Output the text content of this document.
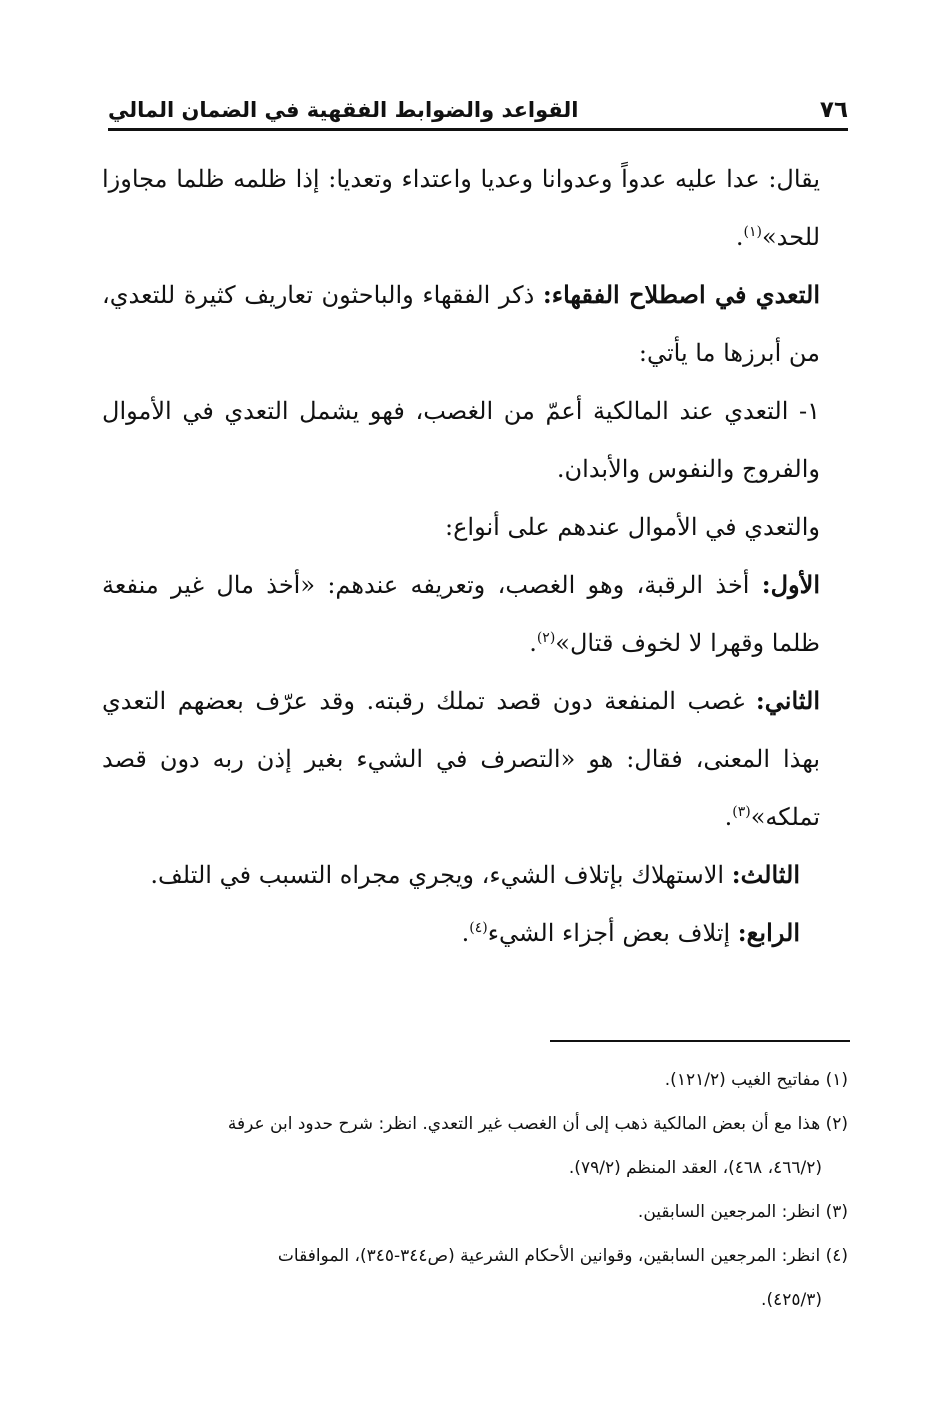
٧٦
القواعد والضوابط الفقهية في الضمان المالي

يقال: عدا عليه عدواً وعدوانا وعديا واعتداء وتعديا: إذا ظلمه ظلما مجاوزا للحد»$^{(١)}$.

التعدي في اصطلاح الفقهاء: ذكر الفقهاء والباحثون تعاريف كثيرة للتعدي، من أبرزها ما يأتي:

١- التعدي عند المالكية أعمّ من الغصب، فهو يشمل التعدي في الأموال والفروج والنفوس والأبدان.

والتعدي في الأموال عندهم على أنواع:

الأول: أخذ الرقبة، وهو الغصب، وتعريفه عندهم: «أخذ مال غير منفعة ظلما وقهرا لا لخوف قتال»$^{(٢)}$.

الثاني: غصب المنفعة دون قصد تملك رقبته. وقد عرّف بعضهم التعدي بهذا المعنى، فقال: هو «التصرف في الشيء بغير إذن ربه دون قصد تملكه»$^{(٣)}$.

الثالث: الاستهلاك بإتلاف الشيء، ويجري مجراه التسبب في التلف.

الرابع: إتلاف بعض أجزاء الشيء$^{(٤)}$.

(١) مفاتيح الغيب (١٢١/٢).

(٢) هذا مع أن بعض المالكية ذهب إلى أن الغصب غير التعدي. انظر: شرح حدود ابن عرفة

(٤٦٦/٢، ٤٦٨)، العقد المنظم (٧٩/٢).

(٣) انظر: المرجعين السابقين.

(٤) انظر: المرجعين السابقين، وقوانين الأحكام الشرعية (ص٣٤٤-٣٤٥)، الموافقات

(٤٢٥/٣).
